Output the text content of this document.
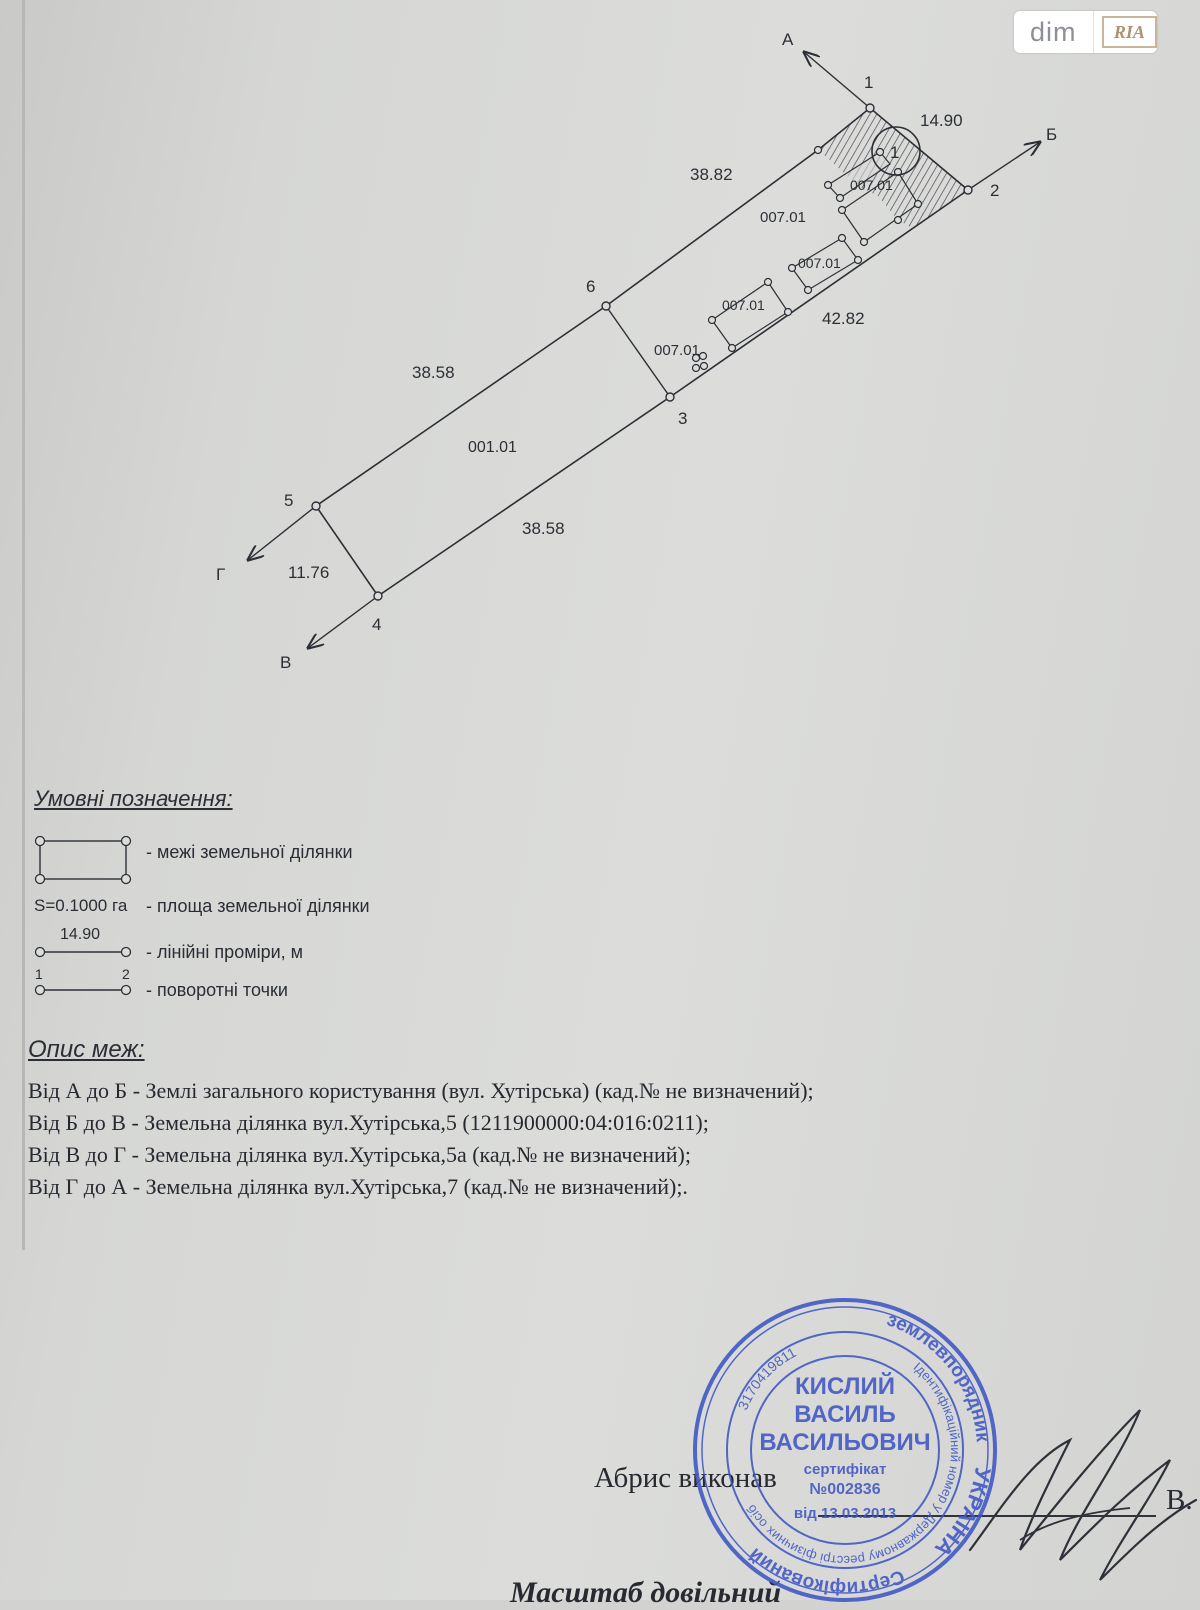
dim	RIA
1
А
Б
В
Г
1
2
3
4
5
6
14.90
38.82
38.58
42.82
38.58
11.76
001.01
007.01
007.01
007.01
007.01
007.01
Умовні позначення:
- межі земельної ділянки
S=0.1000 га - площа земельної ділянки
14.90
- лінійні проміри, м
1	2
- поворотні точки
Опис меж:
Від А до Б - Землі загального користування (вул. Хутірська) (кад.№ не визначений);
Від Б до В - Земельна ділянка вул.Хутірська,5 (1211900000:04:016:0211);
Від В до Г - Земельна ділянка вул.Хутірська,5а (кад.№ не визначений);
Від Г до А - Земельна ділянка вул.Хутірська,7 (кад.№ не визначений);.
Абрис виконав
В.
Масштаб довільний
УКРАЇНА
Сертифікований
землевпорядник
Ідентифікаційний номер у Державному реєстрі фізичних осіб
3170419811
КИСЛИЙ
ВАСИЛЬ
ВАСИЛЬОВИЧ
сертифікат
№002836
від 13.03.2013
